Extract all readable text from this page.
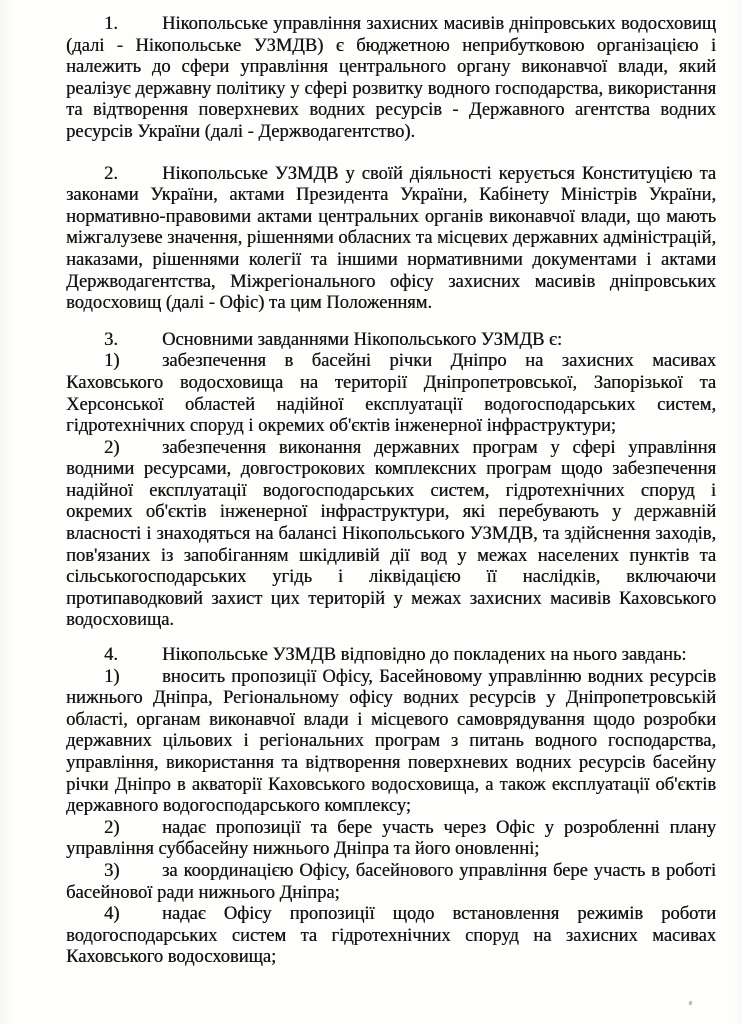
1. Нікопольське управління захисних масивів дніпровських водосховищ (далі - Нікопольське УЗМДВ) є бюджетною неприбутковою організацією і належить до сфери управління центрального органу виконавчої влади, який реалізує державну політику у сфері розвитку водного господарства, використання та відтворення поверхневих водних ресурсів - Державного агентства водних ресурсів України (далі - Держводагентство).

2. Нікопольське УЗМДВ у своїй діяльності керується Конституцією та законами України, актами Президента України, Кабінету Міністрів України, нормативно-правовими актами центральних органів виконавчої влади, що мають міжгалузеве значення, рішеннями обласних та місцевих державних адміністрацій, наказами, рішеннями колегії та іншими нормативними документами і актами Держводагентства, Міжрегіонального офісу захисних масивів дніпровських водосховищ (далі - Офіс) та цим Положенням.

3. Основними завданнями Нікопольського УЗМДВ є:

1) забезпечення в басейні річки Дніпро на захисних масивах Каховського водосховища на території Дніпропетровської, Запорізької та Херсонської областей надійної експлуатації водогосподарських систем, гідротехнічних споруд і окремих об'єктів інженерної інфраструктури;

2) забезпечення виконання державних програм у сфері управління водними ресурсами, довгострокових комплексних програм щодо забезпечення надійної експлуатації водогосподарських систем, гідротехнічних споруд і окремих об'єктів інженерної інфраструктури, які перебувають у державній власності і знаходяться на балансі Нікопольського УЗМДВ, та здійснення заходів, пов'язаних із запобіганням шкідливій дії вод у межах населених пунктів та сільськогосподарських угідь і ліквідацією її наслідків, включаючи протипаводковий захист цих територій у межах захисних масивів Каховського водосховища.

4. Нікопольське УЗМДВ відповідно до покладених на нього завдань:

1) вносить пропозиції Офісу, Басейновому управлінню водних ресурсів нижнього Дніпра, Регіональному офісу водних ресурсів у Дніпропетровській області, органам виконавчої влади і місцевого самоврядування щодо розробки державних цільових і регіональних програм з питань водного господарства, управління, використання та відтворення поверхневих водних ресурсів басейну річки Дніпро в акваторії Каховського водосховища, а також експлуатації об'єктів державного водогосподарського комплексу;

2) надає пропозиції та бере участь через Офіс у розробленні плану управління суббасейну нижнього Дніпра та його оновленні;

3) за координацією Офісу, басейнового управління бере участь в роботі басейнової ради нижнього Дніпра;

4) надає Офісу пропозиції щодо встановлення режимів роботи водогосподарських систем та гідротехнічних споруд на захисних масивах Каховського водосховища;
